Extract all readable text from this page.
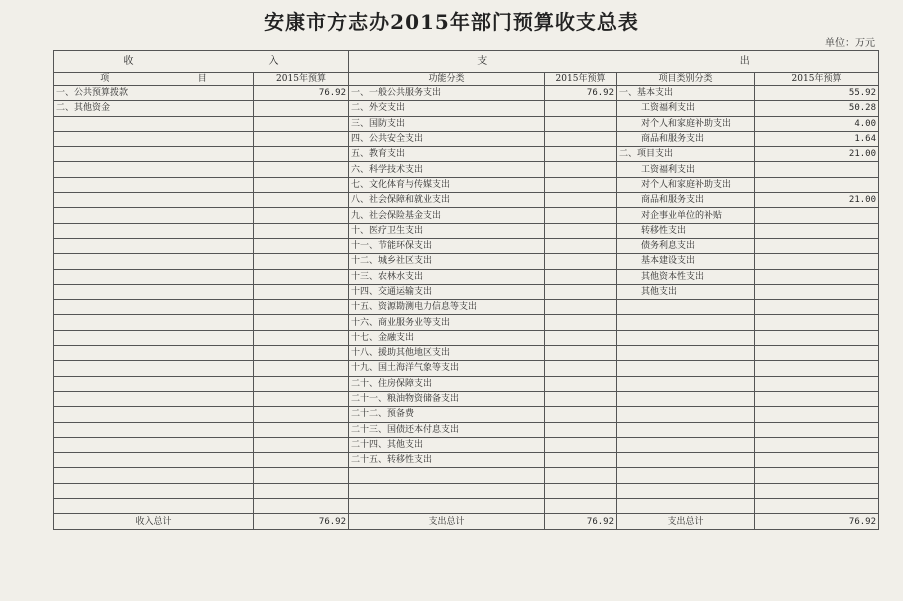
安康市方志办2015年部门预算收支总表
单位：万元
收 入		支 出			

项 目	2015年预算	功能分类	2015年预算	项目类别分类	2015年预算
一、公共预算拨款	76.92	一、一般公共服务支出	76.92	一、基本支出	55.92
二、其他资金		二、外交支出		工资福利支出	50.28
		三、国防支出		对个人和家庭补助支出	4.00
		四、公共安全支出		商品和服务支出	1.64
		五、教育支出		二、项目支出	21.00
		六、科学技术支出		工资福利支出	
		七、文化体育与传媒支出		对个人和家庭补助支出	
		八、社会保障和就业支出		商品和服务支出	21.00
		九、社会保险基金支出		对企事业单位的补贴	
		十、医疗卫生支出		转移性支出	
		十一、节能环保支出		债务利息支出	
		十二、城乡社区支出		基本建设支出	
		十三、农林水支出		其他资本性支出	
		十四、交通运输支出		其他支出	
		十五、资源勘测电力信息等支出			
		十六、商业服务业等支出			
		十七、金融支出			
		十八、援助其他地区支出			
		十九、国土海洋气象等支出			
		二十、住房保障支出			
		二十一、粮油物资储备支出			
		二十二、预备费			
		二十三、国债还本付息支出			
		二十四、其他支出			
		二十五、转移性支出			

收入总计	76.92	支出总计	76.92	支出总计	76.92
